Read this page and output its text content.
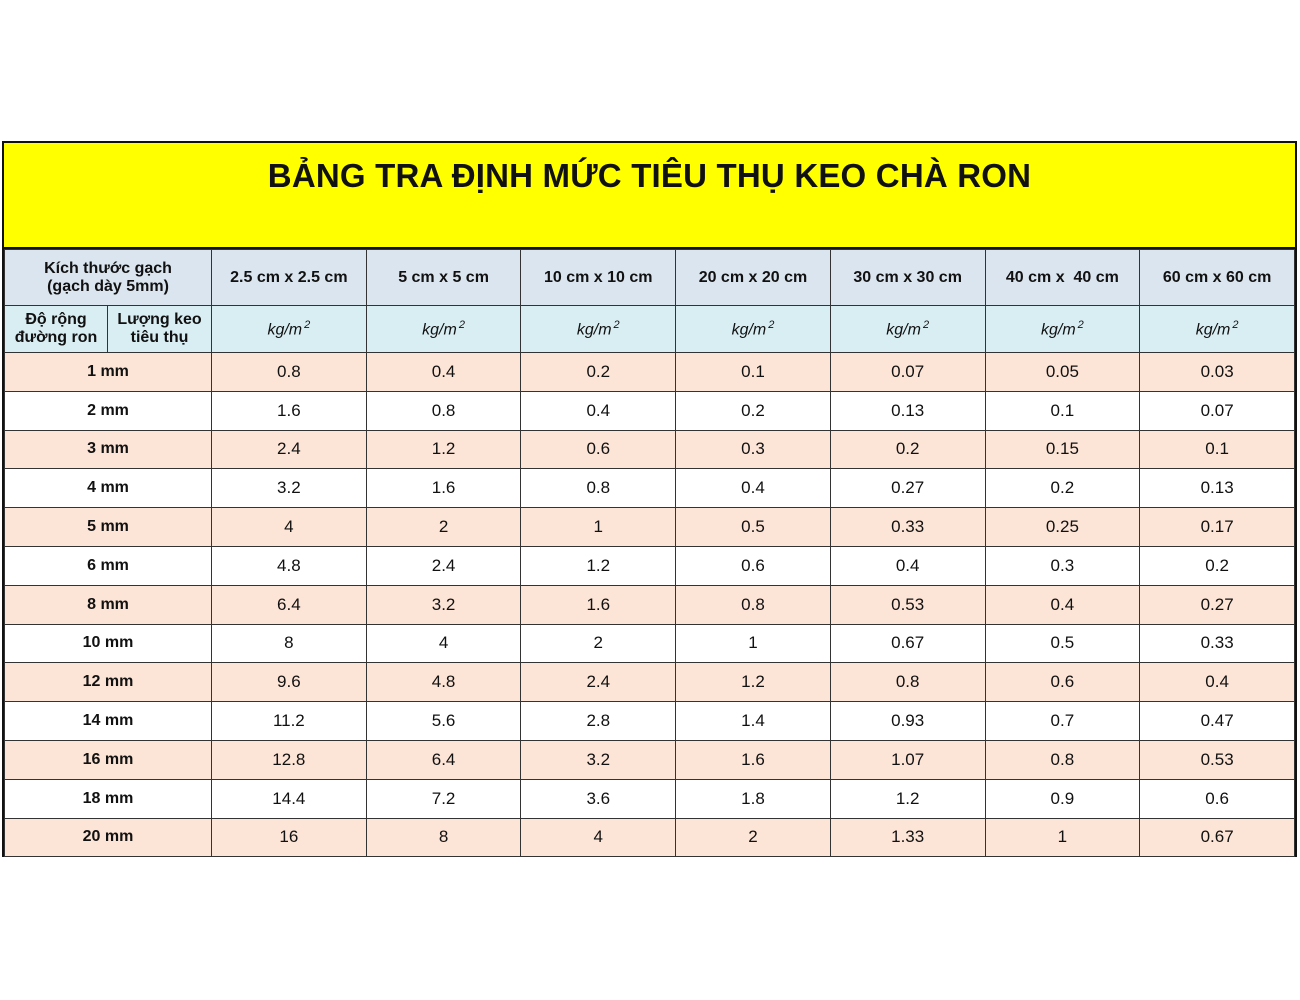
BẢNG TRA ĐỊNH MỨC TIÊU THỤ KEO CHÀ RON
Kích thước gạch (gạch dày 5mm)		2.5 cm x 2.5 cm	5 cm x 5 cm	10 cm x 10 cm	20 cm x 20 cm	30 cm x 30 cm	40 cm x  40 cm	60 cm x 60 cm
Độ rộng đường ron	Lượng keo tiêu thụ	kg/m $^2$	kg/m $^2$	kg/m $^2$	kg/m $^2$	kg/m $^2$	kg/m $^2$	kg/m $^2$
1 mm		0.8	0.4	0.2	0.1	0.07	0.05	0.03
2 mm		1.6	0.8	0.4	0.2	0.13	0.1	0.07
3 mm		2.4	1.2	0.6	0.3	0.2	0.15	0.1
4 mm		3.2	1.6	0.8	0.4	0.27	0.2	0.13
5 mm		4	2	1	0.5	0.33	0.25	0.17
6 mm		4.8	2.4	1.2	0.6	0.4	0.3	0.2
8 mm		6.4	3.2	1.6	0.8	0.53	0.4	0.27
10 mm		8	4	2	1	0.67	0.5	0.33
12 mm		9.6	4.8	2.4	1.2	0.8	0.6	0.4
14 mm		11.2	5.6	2.8	1.4	0.93	0.7	0.47
16 mm		12.8	6.4	3.2	1.6	1.07	0.8	0.53
18 mm		14.4	7.2	3.6	1.8	1.2	0.9	0.6
20 mm		16	8	4	2	1.33	1	0.67
